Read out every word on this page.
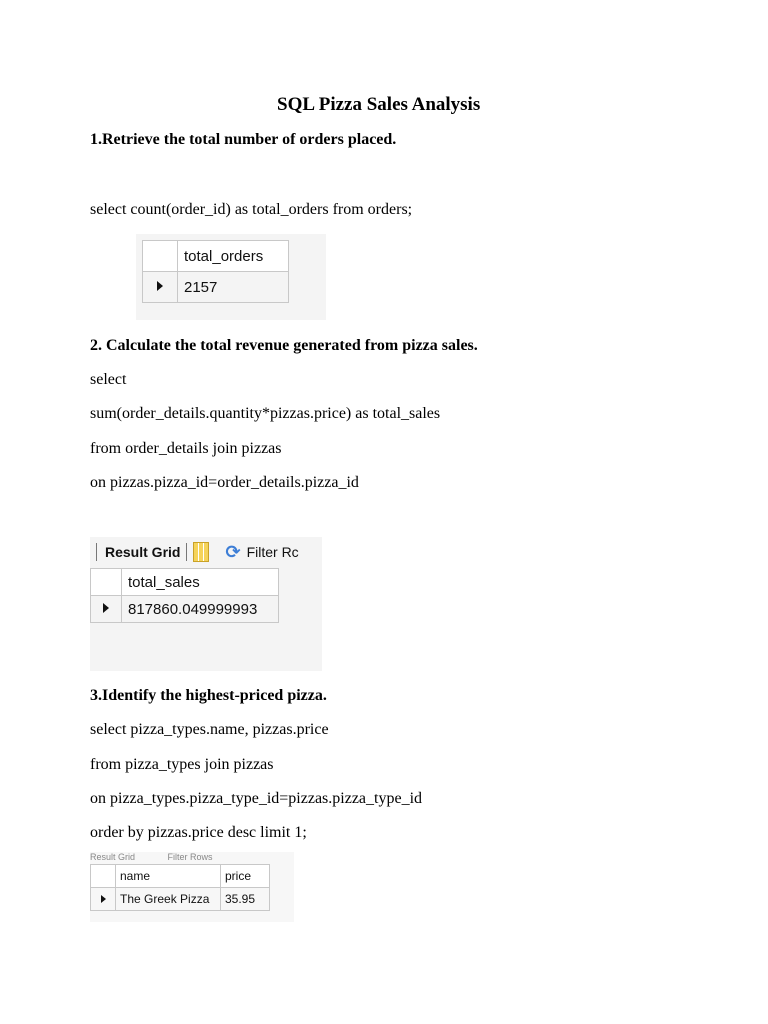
SQL Pizza Sales Analysis
1.Retrieve the total number of orders placed.
select count(order_id) as total_orders from orders;
	total_orders
	2157
2. Calculate the total revenue generated from pizza sales.
select
sum(order_details.quantity*pizzas.price) as total_sales
from order_details join pizzas
on pizzas.pizza_id=order_details.pizza_id
Result Grid	⟳ Filter Rc
	total_sales
	817860.049999993
3.Identify the highest-priced pizza.
select pizza_types.name, pizzas.price
from pizza_types join pizzas
on pizza_types.pizza_type_id=pizzas.pizza_type_id
order by pizzas.price desc limit 1;
Result Grid	Filter Rows
	name	price
	The Greek Pizza	35.95
